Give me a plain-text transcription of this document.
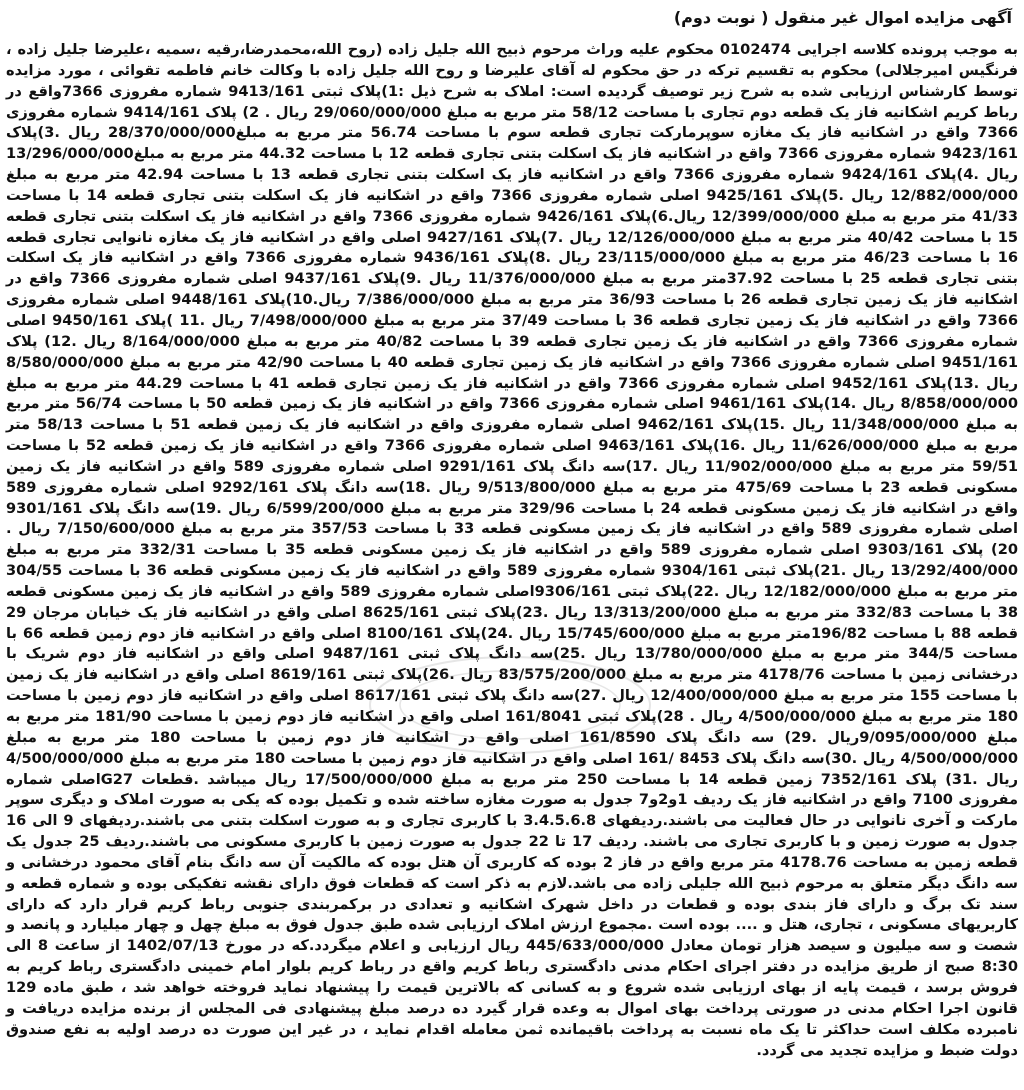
آگهی مزایده اموال غیر منقول ( نوبت دوم)

به موجب پرونده کلاسه اجرایی 0102474 محکوم علیه وراث مرحوم ذبیح الله جلیل زاده (روح الله،محمدرضا،رقیه ،سمیه ،علیرضا جلیل زاده ، فرنگیس امیرجلالی) محکوم به تقسیم ترکه در حق محکوم له آقای علیرضا و روح الله جلیل زاده با وکالت خانم فاطمه تقوائی ، مورد مزایده توسط کارشناس ارزیابی شده به شرح زیر توصیف گردیده است: املاک به شرح ذیل :1)پلاک ثبتی 9413/161 شماره مفروزی 7366واقع در رباط کریم اشکانیه فاز یک قطعه دوم تجاری با مساحت 58/12 متر مربع به مبلغ 29/060/000/000 ریال . 2) پلاک 9414/161 شماره مفروزی 7366 واقع در اشکانیه فاز یک مغازه سوپرمارکت تجاری قطعه سوم با مساحت 56.74 متر مربع به مبلغ28/370/000/000 ریال .3)پلاک 9423/161 شماره مفروزی 7366 واقع در اشکانیه فاز یک اسکلت بتنی تجاری قطعه 12 با مساحت 44.32 متر مربع به مبلغ13/296/000/000 ریال .4)پلاک 9424/161 شماره مفروزی 7366 واقع در اشکانیه فاز یک اسکلت بتنی تجاری قطعه 13 با مساحت 42.94 متر مربع به مبلغ 12/882/000/000 ریال .5)پلاک 9425/161 اصلی شماره مفروزی 7366 واقع در اشکانیه فاز یک اسکلت بتنی تجاری قطعه 14 با مساحت 41/33 متر مربع به مبلغ 12/399/000/000 ریال.6)پلاک 9426/161 شماره مفروزی 7366 واقع در اشکانیه فاز یک اسکلت بتنی تجاری قطعه 15 با مساحت 40/42 متر مربع به مبلغ 12/126/000/000 ریال .7)پلاک 9427/161 اصلی واقع در اشکانیه فاز یک مغازه نانوایی تجاری قطعه 16 با مساحت 46/23 متر مربع به مبلغ 23/115/000/000 ریال .8)پلاک 9436/161 شماره مفروزی 7366 واقع در اشکانیه فاز یک اسکلت بتنی تجاری قطعه 25 با مساحت 37.92متر مربع به مبلغ 11/376/000/000 ریال .9)پلاک 9437/161 اصلی شماره مفروزی 7366 واقع در اشکانیه فاز یک زمین تجاری قطعه 26 با مساحت 36/93 متر مربع به مبلغ 7/386/000/000 ریال.10)پلاک 9448/161 اصلی شماره مفروزی 7366 واقع در اشکانیه فاز یک زمین تجاری قطعه 36 با مساحت 37/49 متر مربع به مبلغ 7/498/000/000 ریال .11 )پلاک 9450/161 اصلی شماره مفروزی 7366 واقع در اشکانیه فاز یک زمین تجاری قطعه 39 با مساحت 40/82 متر مربع به مبلغ 8/164/000/000 ریال .12) پلاک 9451/161 اصلی شماره مفروزی 7366 واقع در اشکانیه فاز یک زمین تجاری قطعه 40 با مساحت 42/90 متر مربع به مبلغ 8/580/000/000 ریال .13)پلاک 9452/161 اصلی شماره مفروزی 7366 واقع در اشکانیه فاز یک زمین تجاری قطعه 41 با مساحت 44.29 متر مربع به مبلغ 8/858/000/000 ریال .14)پلاک 9461/161 اصلی شماره مفروزی 7366 واقع در اشکانیه فاز یک زمین قطعه 50 با مساحت 56/74 متر مربع به مبلغ 11/348/000/000 ریال .15)پلاک 9462/161 اصلی شماره مفروزی واقع در اشکانیه فاز یک زمین قطعه 51 با مساحت 58/13 متر مربع به مبلغ 11/626/000/000 ریال .16)پلاک 9463/161 اصلی شماره مفروزی 7366 واقع در اشکانیه فاز یک زمین قطعه 52 با مساحت 59/51 متر مربع به مبلغ 11/902/000/000 ریال .17)سه دانگ پلاک 9291/161 اصلی شماره مفروزی 589 واقع در اشکانیه فاز یک زمین مسکونی قطعه 23 با مساحت 475/69 متر مربع به مبلغ 9/513/800/000 ریال .18)سه دانگ پلاک 9292/161 اصلی شماره مفروزی 589 واقع در اشکانیه فاز یک زمین مسکونی قطعه 24 با مساحت 329/96 متر مربع به مبلغ 6/599/200/000 ریال .19)سه دانگ پلاک 9301/161 اصلی شماره مفروزی 589 واقع در اشکانیه فاز یک زمین مسکونی قطعه 33 با مساحت 357/53 متر مربع به مبلغ 7/150/600/000 ریال . 20) پلاک 9303/161 اصلی شماره مفروزی 589 واقع در اشکانیه فاز یک زمین مسکونی قطعه 35 با مساحت 332/31 متر مربع به مبلغ 13/292/400/000 ریال .21)پلاک ثبتی 9304/161 شماره مفروزی 589 واقع در اشکانیه فاز یک زمین مسکونی قطعه 36 با مساحت 304/55 متر مربع به مبلغ 12/182/000/000 ریال .22)پلاک ثبتی 9306/161اصلی شماره مفروزی 589 واقع در اشکانیه فاز یک زمین مسکونی قطعه 38 با مساحت 332/83 متر مربع به مبلغ 13/313/200/000 ریال .23)پلاک ثبتی 8625/161 اصلی واقع در اشکانیه فاز یک خیابان مرجان 29 قطعه 88 با مساحت 196/82متر مربع به مبلغ 15/745/600/000 ریال .24)پلاک 8100/161 اصلی واقع در اشکانیه فاز دوم زمین قطعه 66 با مساحت 344/5 متر مربع به مبلغ 13/780/000/000 ریال .25)سه دانگ پلاک ثبتی 9487/161 اصلی واقع در اشکانیه فاز دوم شریک با درخشانی زمین با مساحت 4178/76 متر مربع به مبلغ 83/575/200/000 ریال .26)پلاک ثبتی 8619/161 اصلی واقع در اشکانیه فاز یک زمین با مساحت 155 متر مربع به مبلغ 12/400/000/000 ریال .27)سه دانگ پلاک ثبتی 8617/161 اصلی واقع در اشکانیه فاز دوم زمین با مساحت 180 متر مربع به مبلغ 4/500/000/000 ریال . 28)پلاک ثبتی 161/8041 اصلی واقع در اشکانیه فاز دوم زمین با مساحت 181/90 متر مربع به مبلغ 9/095/000/000ریال .29) سه دانگ پلاک 161/8590 اصلی واقع در اشکانیه فاز دوم زمین با مساحت 180 متر مربع به مبلغ 4/500/000/000 ریال .30)سه دانگ پلاک 8453 /161 اصلی واقع در اشکانیه فاز دوم زمین با مساحت 180 متر مربع به مبلغ 4/500/000/000 ریال .31) پلاک 7352/161 زمین قطعه 14 با مساحت 250 متر مربع به مبلغ 17/500/000/000 ریال میباشد .قطعات G27اصلی شماره مفروزی 7100 واقع در اشکانیه فاز یک ردیف 1و2و7 جدول به صورت مغازه ساخته شده و تکمیل بوده که یکی به صورت املاک و دیگری سوپر مارکت و آخری نانوایی در حال فعالیت می باشند.ردیفهای 3.4.5.6.8 با کاربری تجاری و به صورت اسکلت بتنی می باشند.ردیفهای 9 الی 16 جدول به صورت زمین و با کاربری تجاری می باشند. ردیف 17 تا 22 جدول به صورت زمین با کاربری مسکونی می باشند.ردیف 25 جدول یک قطعه زمین به مساحت 4178.76 متر مربع واقع در فاز 2 بوده که کاربری آن هتل بوده که مالکیت آن سه دانگ بنام آقای محمود درخشانی و سه دانگ دیگر متعلق به مرحوم ذبیح الله جلیلی زاده می باشد.لازم به ذکر است که قطعات فوق دارای نقشه تفکیکی بوده و شماره قطعه و سند تک برگ و دارای فاز بندی بوده و قطعات در داخل شهرک اشکانیه و تعدادی در برکمربندی جنوبی رباط کریم قرار دارد که دارای کاربریهای مسکونی ، تجاری، هتل و .... بوده است .مجموع ارزش املاک ارزیابی شده طبق جدول فوق به مبلغ چهل و چهار میلیارد و پانصد و شصت و سه میلیون و سیصد هزار تومان معادل 445/633/000/000 ریال ارزیابی و اعلام میگردد.که در مورخ 1402/07/13 از ساعت 8 الی 8:30 صبح از طریق مزایده در دفتر اجرای احکام مدنی دادگستری رباط کریم واقع در رباط کریم بلوار امام خمینی دادگستری رباط کریم به فروش برسد ، قیمت پایه از بهای ارزیابی شده شروع و به کسانی که بالاترین قیمت را پیشنهاد نماید فروخته خواهد شد ، طبق ماده 129 قانون اجرا احکام مدنی در صورتی پرداخت بهای اموال به وعده قرار گیرد ده درصد مبلغ پیشنهادی فی المجلس از برنده مزایده دریافت و نامبرده مکلف است حداکثر تا یک ماه نسبت به پرداخت باقیمانده ثمن معامله اقدام نماید ، در غیر این صورت ده درصد اولیه به نفع صندوق دولت ضبط و مزایده تجدید می گردد.
